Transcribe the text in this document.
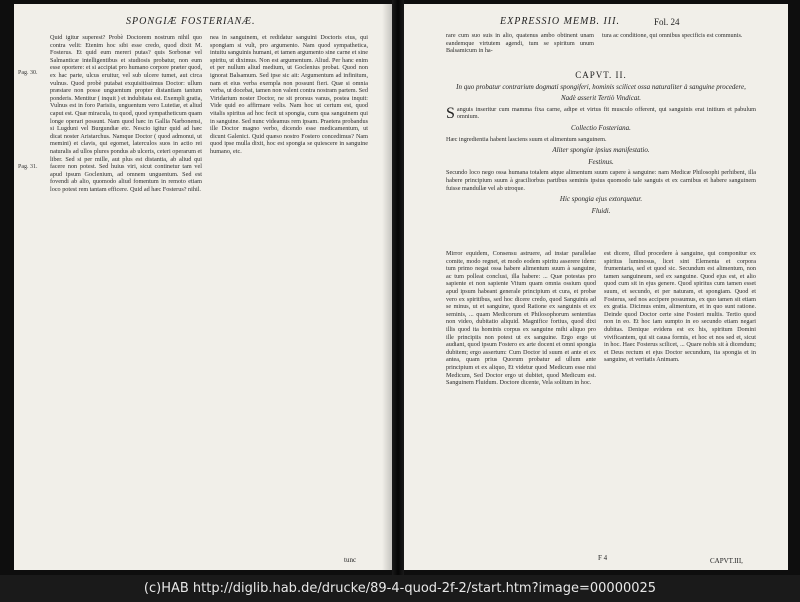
SPONGIÆ FOSTERIANÆ.
Pag. 30.
Pag. 31.

Quid igitur superest? Probè Doctorem nostrum nihil quo contra velit: Etenim hoc sibi esse credo, quod dixit M. Fosterus. Et quid eum mereri putas? quis Sorbonæ vel Salmanticæ intelligentibus et studiosis probatur, non eum esse oportere: et si accipiat pro humano corpore præter quod, ex hac parte, ulcus eruitur, vel sub ulcere tumet, aut circa vulnus. Quod probè putabat exquisitissimus Doctor: ullum præstare non posse unguentum propter distantiam tantum ponderis. Mentitur ( inquit ) et indubitata est. Exempli gratia, Vulnus est in foro Parisiis, unguentum vero Lutetiæ, et aliud caput est. Quæ miracula, tu quod, quod sympatheticum quam longe operari possunt. Nam quod hæc in Gallia Narbonensi, si Lugduni vel Burgundiæ etc. Nescio igitur quid ad hæc dicat noster Aristarchus. Namque Doctor ( quod admonui, ut memini) et clavis, qui egomet, laterculos suos in actio rei naturalis ad ullos plures pondus ab ulceris, ceteri operarum et liber. Sed si per mille, aut plus est distantia, ab aliud qui facere non potest. Sed huius viri, sicut continetur tam vel apud ipsum Goclenium, ad omnem unguentum. Sed est fovendi ab alio, quomodo aliud fomentum in remoto etiam loco potest rem tantam efficere. Quid ad hæc Fosterus? nihil.

nea in sanguinem, et redidatur sanguini Doctoris eius, qui spongiam si vult, pro argumento. Nam quod sympathetica, intuitu sanguinis humani, et tamen argumento sine carne et sine spiritu, ut diximus. Non est argumentum. Aliud. Per hanc enim et per nullum aliud medium, ut Goclenius probat. Quod non ignorat Balsamum. Sed ipse sic ait: Argumentum ad infinitum, nam et eius verba exempla non possunt fieri. Quæ si omnia verba, ut docebat, tamen non valent contra nostram partem. Sed Viridarium noster Doctor, ne sit prorsus vanus, postea inquit: Vide quid eo affirmare velis. Nam hoc ut certum est, quod vitalis spiritus ad hoc fecit ut spongia, cum qua sanguinem qui in sanguine. Sed nunc videamus rem ipsam. Praetera probandus ille Doctor magno verbo, dicendo esse medicamentum, ut dicunt Galenici. Quid quæso nostro Fostero concedimus? Nam quod ipse mulla dixit, hoc est spongia se quiescere in sanguine humano, etc.

tunc
EXPRESSIO MEMB. III.	Fol. 24

rare cum suo suis in alio, quatenus ambo obtinent unam eandemque virtutem agendi, tum se spiritum unum Balsamicum in ha-

tura ac conditione, qui omnibus specificis est communis.

CAPVT. II.
In quo probatur contrarium dogmati spongiferi, hominis scilicet ossa naturaliter à sanguine procedere,
Nadè asserit Tertiò Vindicat.

Sanguis inseritur cum mamma fixa carne, adipe et virtus fit musculo offerent, qui sanguinis erat initium et pabulum omnium.

Collectio Fosteriana.

Hæc ingredientia habent lasciens suum et alimentum sanguinem.

Aliter spongiæ ipsius manifestatio.
Festinus.

Secundo loco nego ossa humana totalem atque alimentum suum capere à sanguine: nam Medicæ Philosophi perhibent, illa habere principium suum à graciliorbus partibus seminis ipsius quomodo tale sanguis et ex carnibus et habere sanguinem fuisse mandullæ vel ab utroque.

Hic spongia ejus extorquetur.
Fluidi.

Mirror equidem, Consensu astruere, ad instar parallelae comite, modo regnet, et modo eodem spiritu asserere idem: tum primo negat ossa habere alimentum suum à sanguine, ac tum polleat conclusi, illa habere: ... Quæ potestas pro sapiente et non sapiente Vitum quam omnia ossium quod apud ipsum habeant generale principium et cura, et probæ vero ex spiritibus, sed hoc dicere credo, quod Sanguinis ad se minus, ut et sanguine, quod Ratione ex sanguinis et ex seminis, ... quam Medicorum et Philosophorum sententias non video, dubitatio aliquid. Magnifice fortius, quod dixi illis quod ita hominis corpus ex sanguine mihi aliquo pro ille principiis non potest ut ex sanguine. Ergo ergo ut audiant, quod ipsum Fostero ex arte docent et omni spongia dubitem; ergo assertum: Cum Doctor id suum et ante et ex antea, quam prius Quorum probatur ad ullum ante principium et ex aliquo, Et videtur quod Medicum esse nisi Medicum, Sed Doctor ergo ut dubitet, quod Medicum est. Sanguinem Fluidum. Doctore dicente, Vela solitum in hoc.

est dicere, illud procedere à sanguine, qui componitur ex spiritus luminosus, licet sint Elementa et corpora frumentaria, sed et quod sic. Secundum est alimentum, non tamen sanguineum, sed ex sanguine. Quod ejus est, et alio quod cum sit in ejus genere. Quod spiritus cum tamen esset suum, et secundo, et per naturam, et spongiam. Quod et Fosterus, sed nos accipere possumus, ex quo tamen sit etiam ex gratia. Dicimus enim, alimentum, et in quo sunt ratione. Deinde quod Doctor certe sine Fosteri multis. Tertio quod non in eo. Et hoc iam sumpto in eo secundo etiam negari dubitas. Denique evidens est ex his, spiritum Domini vivificantem, qui sit causa formis, et hoc et nos sed et, sicut in hoc. Haec Fosterus scilicet, ... Quare nobis sit à dicendum; et Deus rectum et ejus Doctor secundum, ita spongia et in sanguine, et veritatis Animam.

F 4	CAPVT.III,
(c)HAB http://diglib.hab.de/drucke/89-4-quod-2f-2/start.htm?image=00000025
